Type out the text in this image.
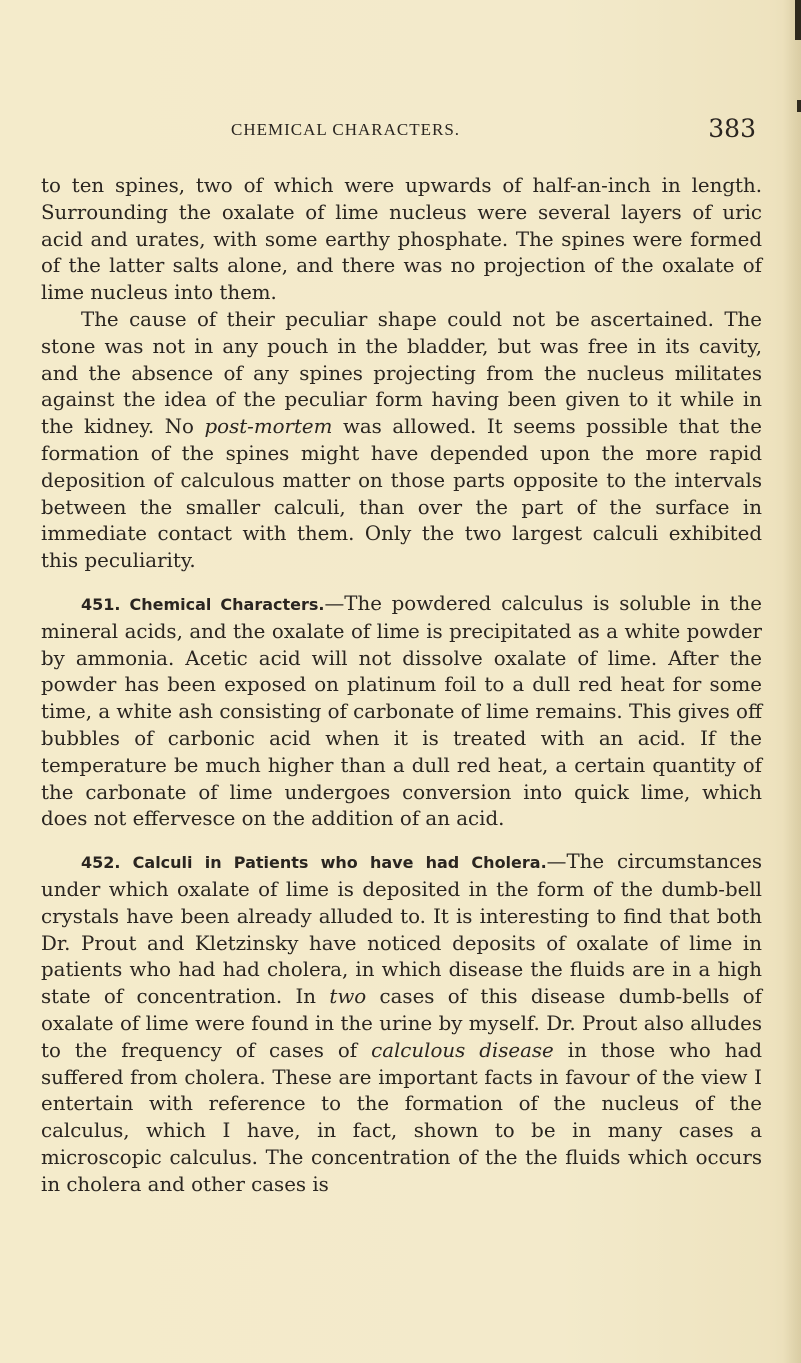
CHEMICAL CHARACTERS.	383

to ten spines, two of which were upwards of half-an-inch in length. Surrounding the oxalate of lime nucleus were several layers of uric acid and urates, with some earthy phosphate. The spines were formed of the latter salts alone, and there was no projection of the oxalate of lime nucleus into them.

The cause of their peculiar shape could not be ascertained. The stone was not in any pouch in the bladder, but was free in its cavity, and the absence of any spines projecting from the nucleus militates against the idea of the peculiar form having been given to it while in the kidney. No post-mortem was allowed. It seems possible that the formation of the spines might have depended upon the more rapid deposition of calculous matter on those parts opposite to the intervals between the smaller calculi, than over the part of the surface in immediate contact with them. Only the two largest calculi exhibited this peculiarity.

451. Chemical Characters.—The powdered calculus is soluble in the mineral acids, and the oxalate of lime is precipitated as a white powder by ammonia. Acetic acid will not dissolve oxalate of lime. After the powder has been exposed on platinum foil to a dull red heat for some time, a white ash consisting of carbonate of lime remains. This gives off bubbles of carbonic acid when it is treated with an acid. If the temperature be much higher than a dull red heat, a certain quantity of the carbonate of lime undergoes conversion into quick lime, which does not effervesce on the addition of an acid.

452. Calculi in Patients who have had Cholera.—The circumstances under which oxalate of lime is deposited in the form of the dumb-bell crystals have been already alluded to. It is interesting to find that both Dr. Prout and Kletzinsky have noticed deposits of oxalate of lime in patients who had had cholera, in which disease the fluids are in a high state of concentration. In two cases of this disease dumb-bells of oxalate of lime were found in the urine by myself. Dr. Prout also alludes to the frequency of cases of calculous disease in those who had suffered from cholera. These are important facts in favour of the view I entertain with reference to the formation of the nucleus of the calculus, which I have, in fact, shown to be in many cases a microscopic calculus. The concentration of the the fluids which occurs in cholera and other cases is
